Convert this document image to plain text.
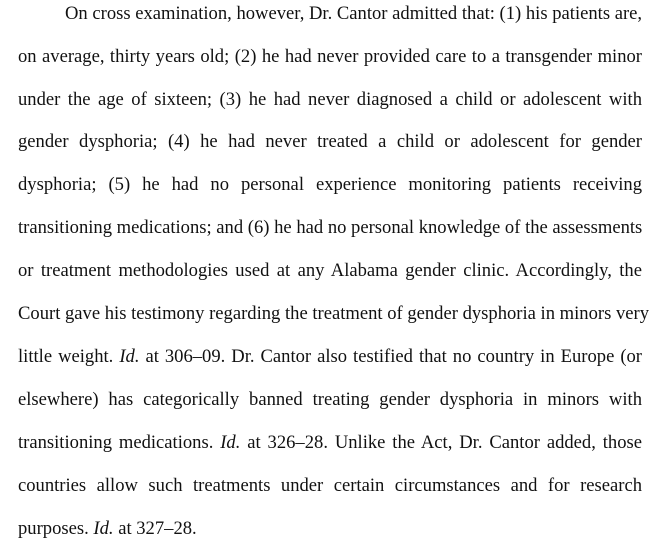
On cross examination, however, Dr. Cantor admitted that: (1) his patients are,
on average, thirty years old; (2) he had never provided care to a transgender minor
under the age of sixteen; (3) he had never diagnosed a child or adolescent with
gender dysphoria; (4) he had never treated a child or adolescent for gender
dysphoria; (5) he had no personal experience monitoring patients receiving
transitioning medications; and (6) he had no personal knowledge of the assessments
or treatment methodologies used at any Alabama gender clinic. Accordingly, the
Court gave his testimony regarding the treatment of gender dysphoria in minors very
little weight. Id. at 306–09. Dr. Cantor also testified that no country in Europe (or
elsewhere) has categorically banned treating gender dysphoria in minors with
transitioning medications. Id. at 326–28. Unlike the Act, Dr. Cantor added, those
countries allow such treatments under certain circumstances and for research
purposes. Id. at 327–28.
